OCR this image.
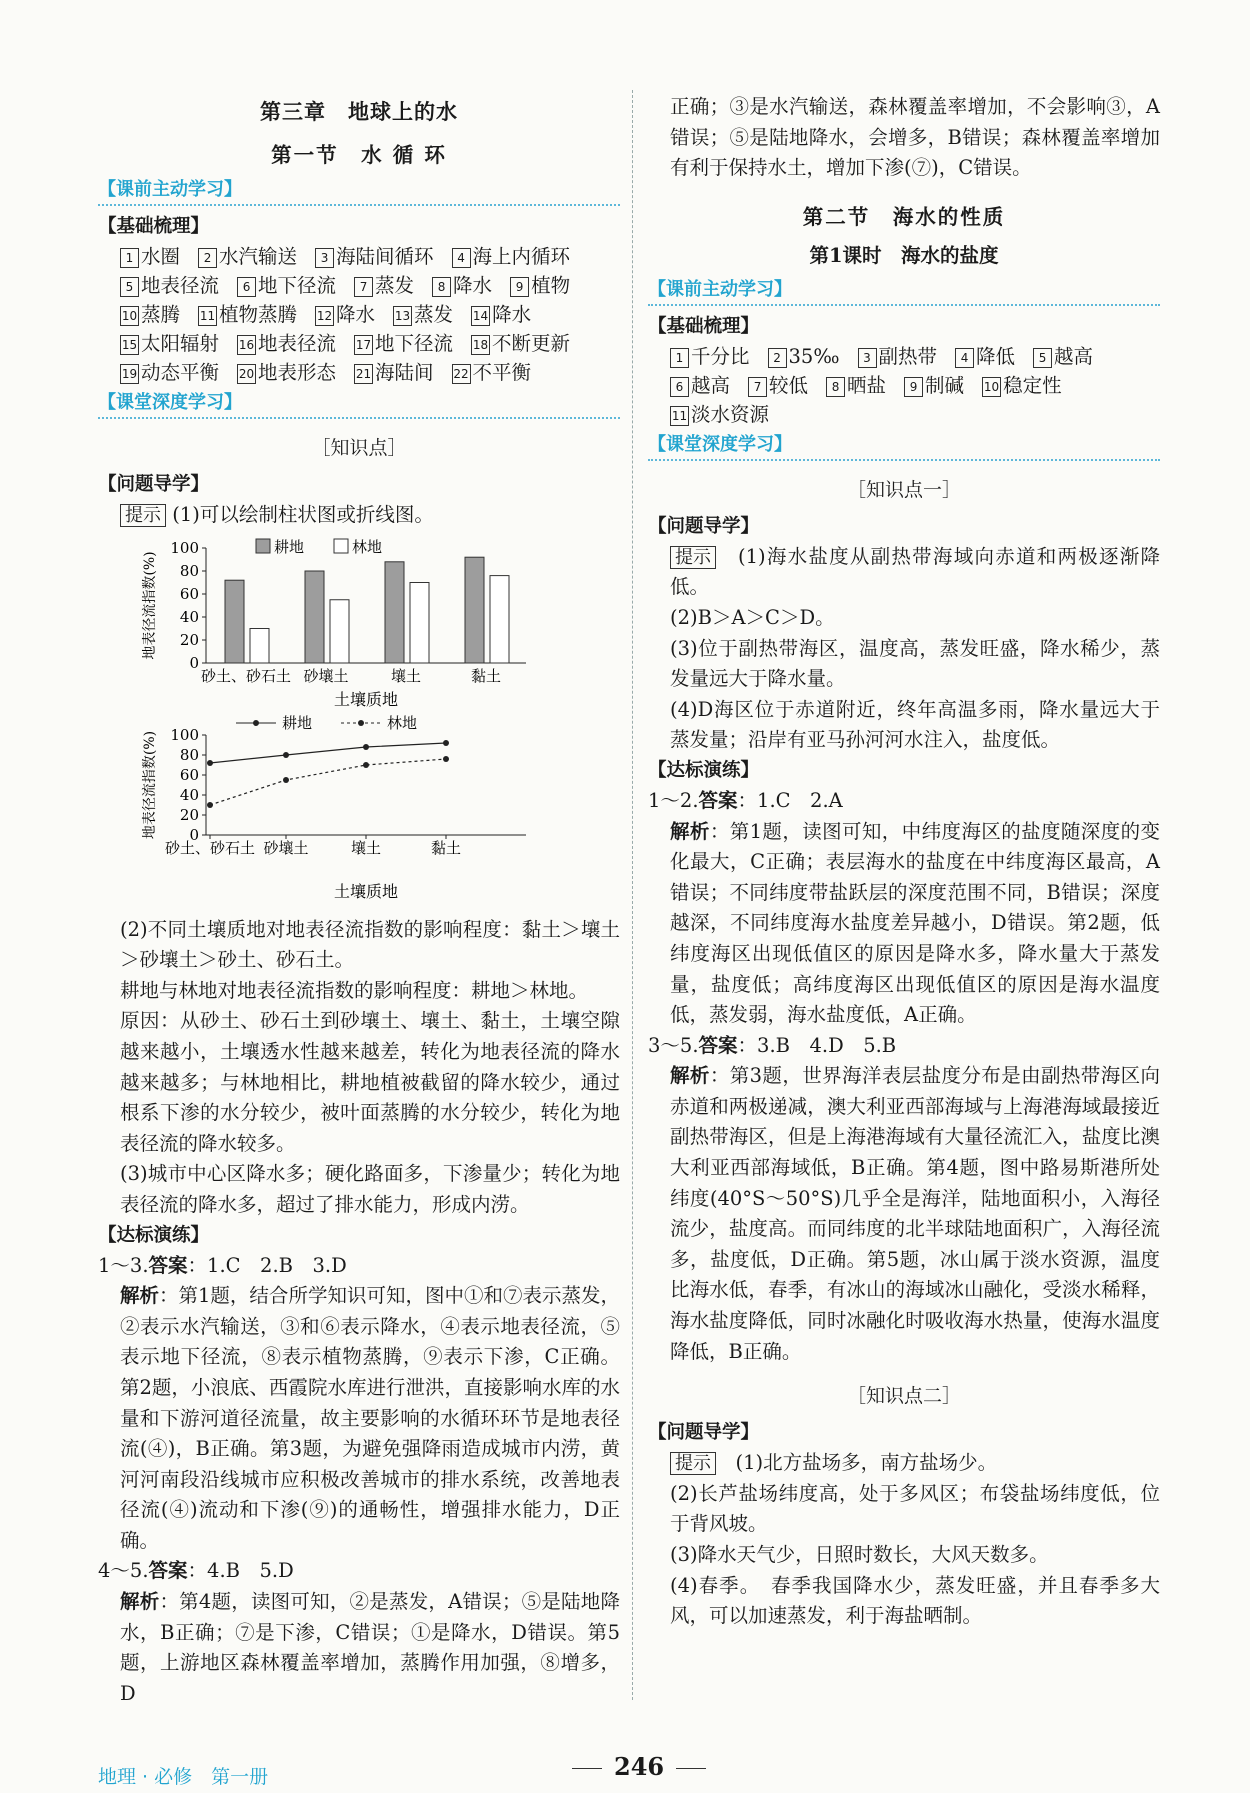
第三章　地球上的水
第一节　水 循 环
【课前主动学习】
【基础梳理】
1 水圈 2 水汽输送 3 海陆间循环 4 海上内循环
5 地表径流 6 地下径流 7 蒸发 8 降水 9 植物
10 蒸腾 11 植物蒸腾 12 降水 13 蒸发 14 降水
15 太阳辐射 16 地表径流 17 地下径流 18 不断更新
19 动态平衡 20 地表形态 21 海陆间 22 不平衡
【课堂深度学习】
［知识点］
【问题导学】
提示 (1)可以绘制柱状图或折线图。
0
20
40
60
80
100
砂土、砂石土 砂壤土	壤土	黏土
土壤质地
地表径流指数(%)
耕地	林地
0
20
40
60
80
100
砂土、砂石土 砂壤土	壤土	黏土
土壤质地
地表径流指数(%)
耕地	林地
(2)不同土壤质地对地表径流指数的影响程度：黏土＞壤土＞砂壤土＞砂土、砂石土。
耕地与林地对地表径流指数的影响程度：耕地＞林地。
原因：从砂土、砂石土到砂壤土、壤土、黏土，土壤空隙越来越小，土壤透水性越来越差，转化为地表径流的降水越来越多；与林地相比，耕地植被截留的降水较少，通过根系下渗的水分较少，被叶面蒸腾的水分较少，转化为地表径流的降水较多。
(3)城市中心区降水多；硬化路面多，下渗量少；转化为地表径流的降水多，超过了排水能力，形成内涝。
【达标演练】
1～3.答案：1.C　2.B　3.D
解析：第1题，结合所学知识可知，图中①和⑦表示蒸发，②表示水汽输送，③和⑥表示降水，④表示地表径流，⑤表示地下径流，⑧表示植物蒸腾，⑨表示下渗，C正确。第2题，小浪底、西霞院水库进行泄洪，直接影响水库的水量和下游河道径流量，故主要影响的水循环环节是地表径流(④)，B正确。第3题，为避免强降雨造成城市内涝，黄河河南段沿线城市应积极改善城市的排水系统，改善地表径流(④)流动和下渗(⑨)的通畅性，增强排水能力，D正确。
4～5.答案：4.B　5.D
解析：第4题，读图可知，②是蒸发，A错误；⑤是陆地降水，B正确；⑦是下渗，C错误；①是降水，D错误。第5题，上游地区森林覆盖率增加，蒸腾作用加强，⑧增多，D
正确；③是水汽输送，森林覆盖率增加，不会影响③，A错误；⑤是陆地降水，会增多，B错误；森林覆盖率增加有利于保持水土，增加下渗(⑦)，C错误。
第二节　海水的性质
第1课时　海水的盐度
【课前主动学习】
【基础梳理】
1 千分比 2 35‰ 3 副热带 4 降低 5 越高
6 越高 7 较低 8 晒盐 9 制碱 10 稳定性
11 淡水资源
【课堂深度学习】
［知识点一］
【问题导学】
提示　 (1)海水盐度从副热带海域向赤道和两极逐渐降低。
(2)B＞A＞C＞D。
(3)位于副热带海区，温度高，蒸发旺盛，降水稀少，蒸发量远大于降水量。
(4)D海区位于赤道附近，终年高温多雨，降水量远大于蒸发量；沿岸有亚马孙河河水注入，盐度低。
【达标演练】
1～2.答案：1.C　2.A
解析：第1题，读图可知，中纬度海区的盐度随深度的变化最大，C正确；表层海水的盐度在中纬度海区最高，A错误；不同纬度带盐跃层的深度范围不同，B错误；深度越深，不同纬度海水盐度差异越小，D错误。第2题，低纬度海区出现低值区的原因是降水多，降水量大于蒸发量，盐度低；高纬度海区出现低值区的原因是海水温度低，蒸发弱，海水盐度低，A正确。
3～5.答案：3.B　4.D　5.B
解析：第3题，世界海洋表层盐度分布是由副热带海区向赤道和两极递减，澳大利亚西部海域与上海港海域最接近副热带海区，但是上海港海域有大量径流汇入，盐度比澳大利亚西部海域低，B正确。第4题，图中路易斯港所处纬度(40°S～50°S)几乎全是海洋，陆地面积小，入海径流少，盐度高。而同纬度的北半球陆地面积广，入海径流多，盐度低，D正确。第5题，冰山属于淡水资源，温度比海水低，春季，有冰山的海域冰山融化，受淡水稀释，海水盐度降低，同时冰融化时吸收海水热量，使海水温度降低，B正确。
［知识点二］
【问题导学】
提示　 (1)北方盐场多，南方盐场少。
(2)长芦盐场纬度高，处于多风区；布袋盐场纬度低，位于背风坡。
(3)降水天气少，日照时数长，大风天数多。
(4)春季。　春季我国降水少，蒸发旺盛，并且春季多大风，可以加速蒸发，利于海盐晒制。
地理 · 必修　第一册	246
